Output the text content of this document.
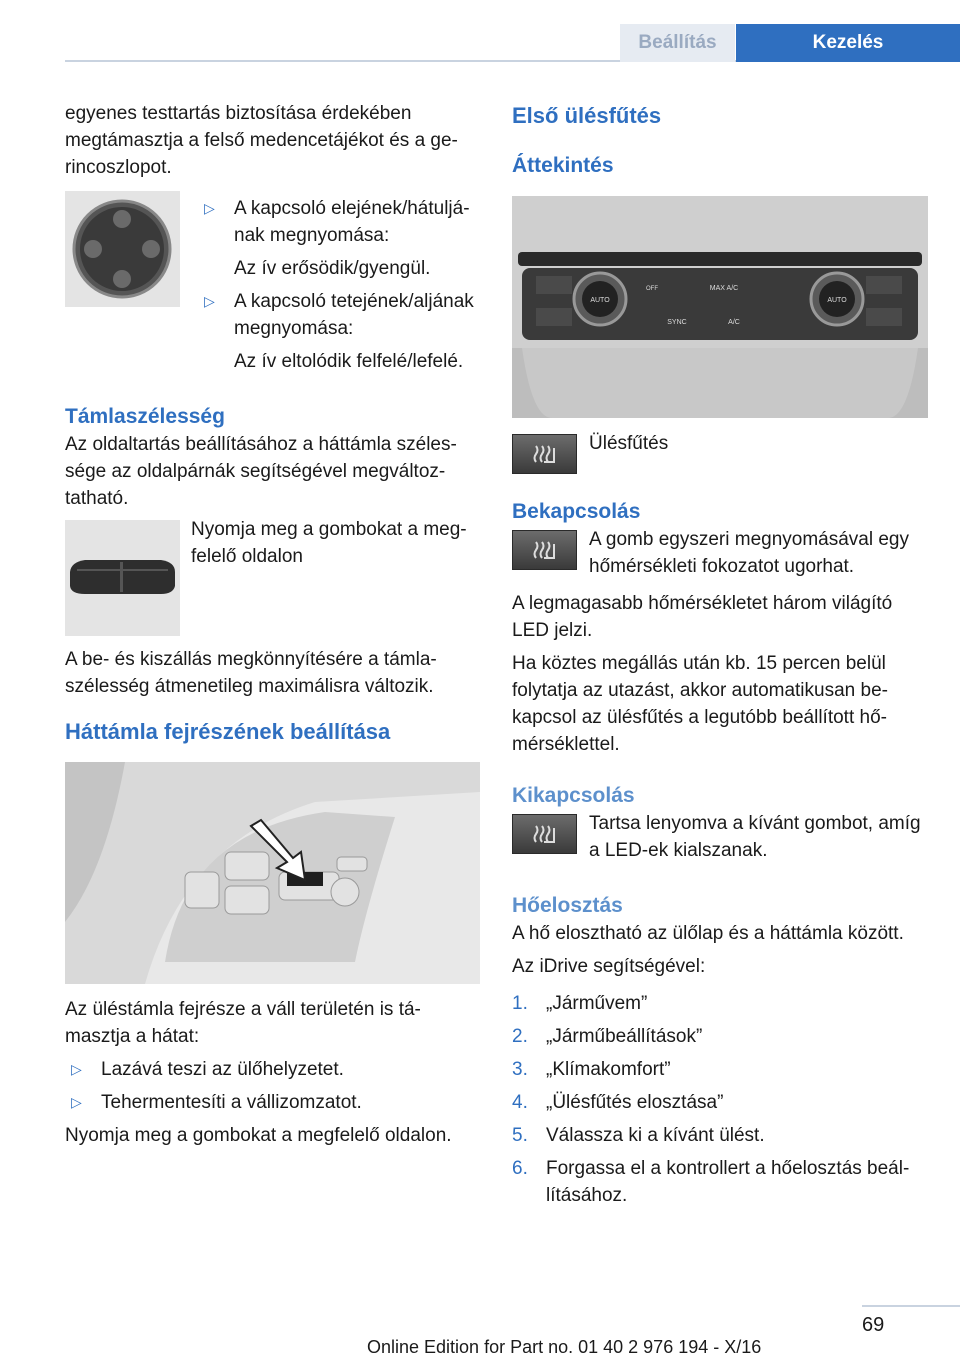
Beállítás	Kezelés

egyenes testtartás biztosítása érdekében megtámasztja a felső medencetájékot és a ge-rincoszlopot.

▷ A kapcsoló elejének/hátuljá-nak megnyomása:
Az ív erősödik/gyengül.
▷ A kapcsoló tetejének/aljának megnyomása:
Az ív eltolódik felfelé/lefelé.
Támlaszélesség

Az oldaltartás beállításához a háttámla széles-sége az oldalpárnák segítségével megváltoz-tatható.

Nyomja meg a gombokat a meg-felelő oldalon

A be- és kiszállás megkönnyítésére a támla-szélesség átmenetileg maximálisra változik.

Háttámla fejrészének beállítása

Az üléstámla fejrésze a váll területén is tá-masztja a hátat:

▷ Lazává teszi az ülőhelyzetet.
▷ Tehermentesíti a vállizomzatot.

Nyomja meg a gombokat a megfelelő oldalon.

Első ülésfűtés
Áttekintés
AUTO	AUTO
MAX A/C
OFF
SYNC	A/C
Ülésfűtés
Bekapcsolás

A gomb egyszeri megnyomásával egy hőmérsékleti fokozatot ugorhat.

A legmagasabb hőmérsékletet három világító LED jelzi.

Ha köztes megállás után kb. 15 percen belül folytatja az utazást, akkor automatikusan be-kapcsol az ülésfűtés a legutóbb beállított hő-mérséklettel.

Kikapcsolás

Tartsa lenyomva a kívánt gombot, amíg a LED-ek kialszanak.

Hőelosztás

A hő elosztható az ülőlap és a háttámla között.

Az iDrive segítségével:

1. „Járművem”
2. „Járműbeállítások”
3. „Klímakomfort”
4. „Ülésfűtés elosztása”
5. Válassza ki a kívánt ülést.
6. Forgassa el a kontrollert a hőelosztás beál-lításához.
69
Online Edition for Part no. 01 40 2 976 194 - X/16
